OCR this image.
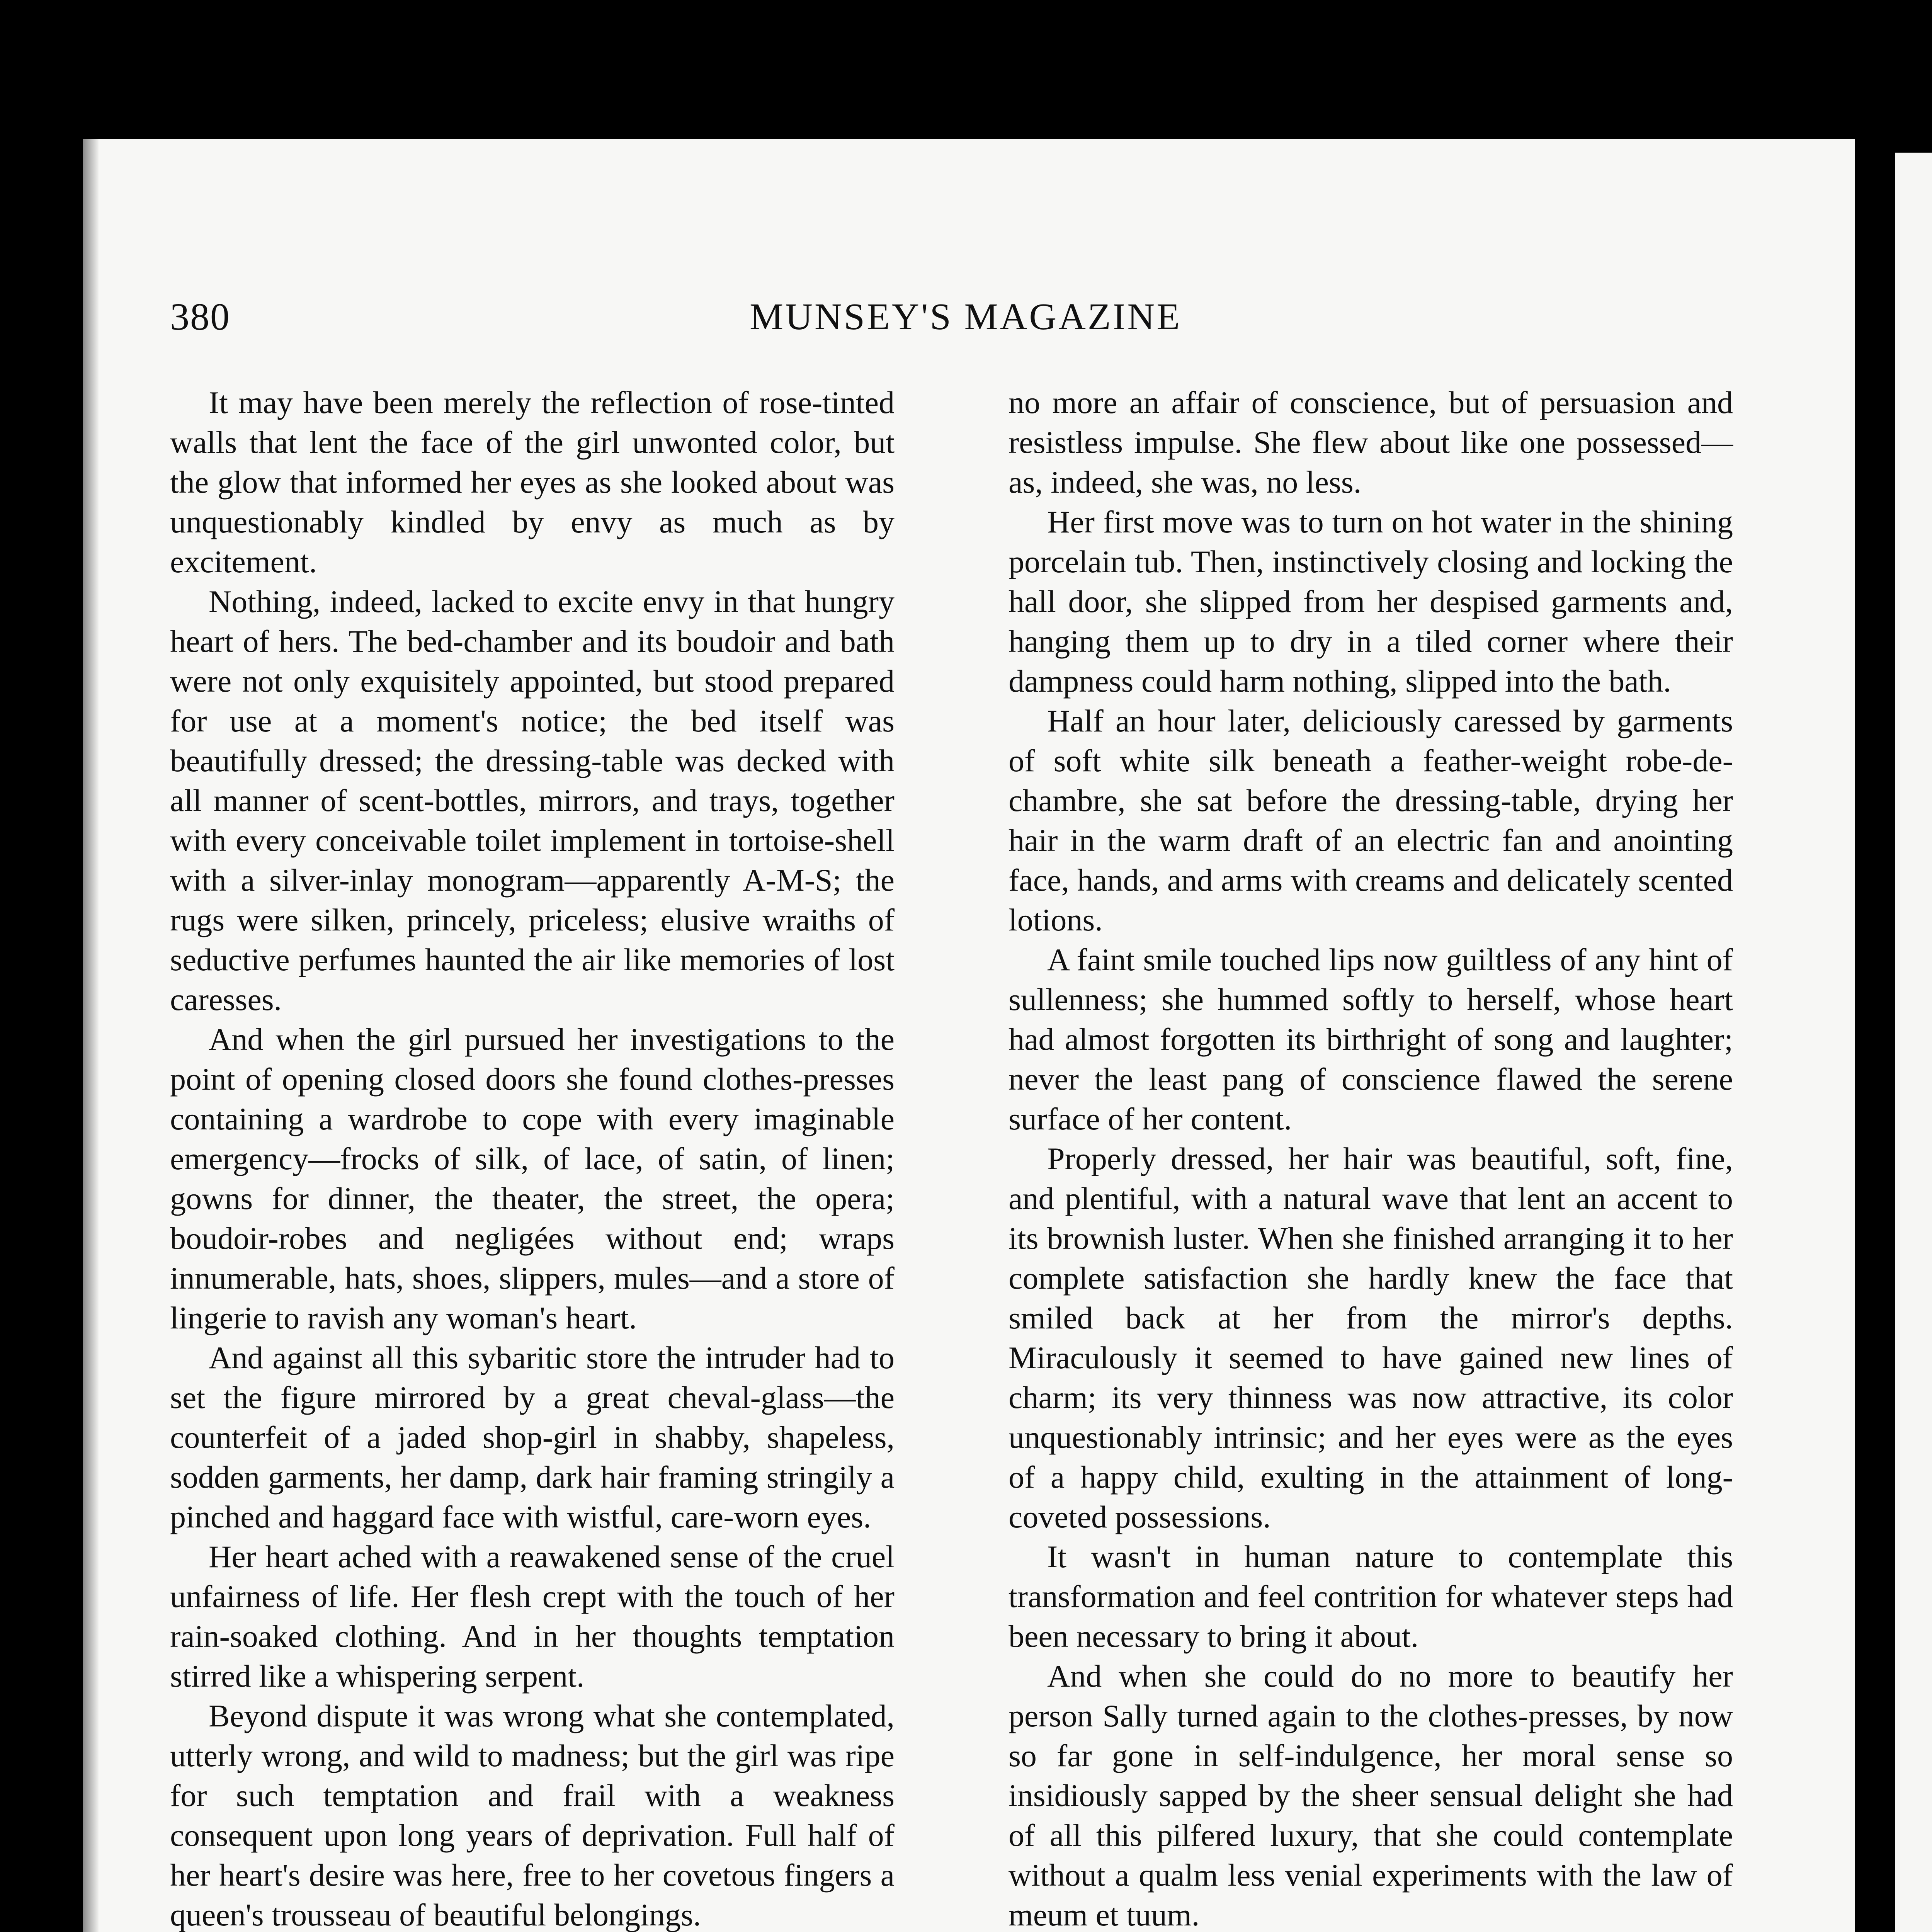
380	MUNSEY'S MAGAZINE

It may have been merely the reflection of rose-tinted walls that lent the face of the girl unwonted color, but the glow that informed her eyes as she looked about was unquestionably kindled by envy as much as by excitement.

Nothing, indeed, lacked to excite envy in that hungry heart of hers. The bed-chamber and its boudoir and bath were not only exquisitely appointed, but stood prepared for use at a moment's notice; the bed itself was beautifully dressed; the dressing-table was decked with all manner of scent-bottles, mirrors, and trays, together with every conceivable toilet implement in tortoise-shell with a silver-inlay monogram—apparently A-M-S; the rugs were silken, princely, priceless; elusive wraiths of seductive perfumes haunted the air like memories of lost caresses.

And when the girl pursued her investigations to the point of opening closed doors she found clothes-presses containing a wardrobe to cope with every imaginable emergency—frocks of silk, of lace, of satin, of linen; gowns for dinner, the theater, the street, the opera; boudoir-robes and negligées without end; wraps innumerable, hats, shoes, slippers, mules—and a store of lingerie to ravish any woman's heart.

And against all this sybaritic store the intruder had to set the figure mirrored by a great cheval-glass—the counterfeit of a jaded shop-girl in shabby, shapeless, sodden garments, her damp, dark hair framing stringily a pinched and haggard face with wistful, care-worn eyes.

Her heart ached with a reawakened sense of the cruel unfairness of life. Her flesh crept with the touch of her rain-soaked clothing. And in her thoughts temptation stirred like a whispering serpent.

Beyond dispute it was wrong what she contemplated, utterly wrong, and wild to madness; but the girl was ripe for such temptation and frail with a weakness consequent upon long years of deprivation. Full half of her heart's desire was here, free to her covetous fingers a queen's trousseau of beautiful belongings.

no more an affair of conscience, but of persuasion and resistless impulse. She flew about like one possessed—as, indeed, she was, no less.

Her first move was to turn on hot water in the shining porcelain tub. Then, instinctively closing and locking the hall door, she slipped from her despised garments and, hanging them up to dry in a tiled corner where their dampness could harm nothing, slipped into the bath.

Half an hour later, deliciously caressed by garments of soft white silk beneath a feather-weight robe-de-chambre, she sat before the dressing-table, drying her hair in the warm draft of an electric fan and anointing face, hands, and arms with creams and delicately scented lotions.

A faint smile touched lips now guiltless of any hint of sullenness; she hummed softly to herself, whose heart had almost forgotten its birthright of song and laughter; never the least pang of conscience flawed the serene surface of her content.

Properly dressed, her hair was beautiful, soft, fine, and plentiful, with a natural wave that lent an accent to its brownish luster. When she finished arranging it to her complete satisfaction she hardly knew the face that smiled back at her from the mirror's depths. Miraculously it seemed to have gained new lines of charm; its very thinness was now attractive, its color unquestionably intrinsic; and her eyes were as the eyes of a happy child, exulting in the attainment of long-coveted possessions.

It wasn't in human nature to contemplate this transformation and feel contrition for whatever steps had been necessary to bring it about.

And when she could do no more to beautify her person Sally turned again to the clothes-presses, by now so far gone in self-indulgence, her moral sense so insidiously sapped by the sheer sensual delight she had of all this pilfered luxury, that she could contemplate without a qualm less venial experiments with the law of meum et tuum.
